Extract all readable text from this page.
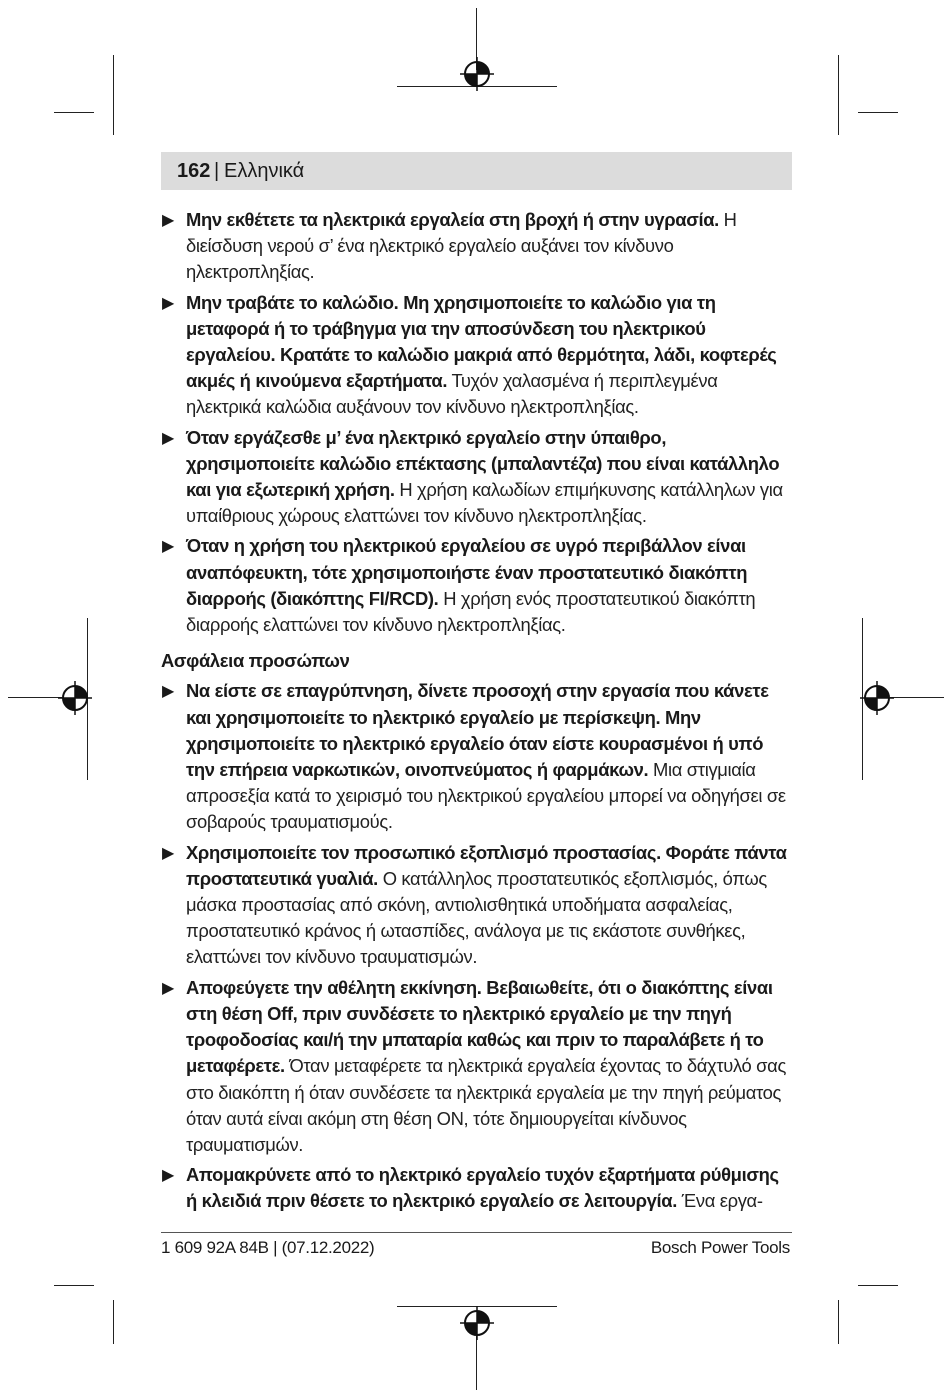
162 | Ελληνικά
▶ Μην εκθέτετε τα ηλεκτρικά εργαλεία στη βροχή ή στην υγρασία. Η διείσδυση νερού σ’ ένα ηλεκτρικό εργαλείο αυξάνει τον κίνδυνο ηλεκτροπληξίας.
▶ Μην τραβάτε το καλώδιο. Μη χρησιμοποιείτε το καλώδιο για τη μεταφορά ή το τράβηγμα για την αποσύνδεση του ηλεκτρικού εργαλείου. Κρατάτε το καλώδιο μακριά από θερμότητα, λάδι, κοφτερές ακμές ή κινούμενα εξαρτήματα. Τυχόν χαλασμένα ή περιπλεγμένα ηλεκτρικά καλώδια αυξάνουν τον κίνδυνο ηλεκτροπληξίας.
▶ Όταν εργάζεσθε μ’ ένα ηλεκτρικό εργαλείο στην ύπαιθρο, χρησιμοποιείτε καλώδιο επέκτασης (μπαλαντέζα) που είναι κατάλληλο και για εξωτερική χρήση. Η χρήση καλωδίων επιμήκυνσης κατάλληλων για υπαίθριους χώρους ελαττώνει τον κίνδυνο ηλεκτροπληξίας.
▶ Όταν η χρήση του ηλεκτρικού εργαλείου σε υγρό περιβάλλον είναι αναπόφευκτη, τότε χρησιμοποιήστε έναν προστατευτικό διακόπτη διαρροής (διακόπτης FI/RCD). Η χρήση ενός προστατευτικού διακόπτη διαρροής ελαττώνει τον κίνδυνο ηλεκτροπληξίας.
Ασφάλεια προσώπων
▶ Να είστε σε επαγρύπνηση, δίνετε προσοχή στην εργασία που κάνετε και χρησιμοποιείτε το ηλεκτρικό εργαλείο με περίσκεψη. Μην χρησιμοποιείτε το ηλεκτρικό εργαλείο όταν είστε κουρασμένοι ή υπό την επήρεια ναρκωτικών, οινοπνεύματος ή φαρμάκων. Μια στιγμιαία απροσεξία κατά το χειρισμό του ηλεκτρικού εργαλείου μπορεί να οδηγήσει σε σοβαρούς τραυματισμούς.
▶ Χρησιμοποιείτε τον προσωπικό εξοπλισμό προστασίας. Φοράτε πάντα προστατευτικά γυαλιά. Ο κατάλληλος προστατευτικός εξοπλισμός, όπως μάσκα προστασίας από σκόνη, αντιολισθητικά υποδήματα ασφαλείας, προστατευτικό κράνος ή ωτασπίδες, ανάλογα με τις εκάστοτε συνθήκες, ελαττώνει τον κίνδυνο τραυματισμών.
▶ Αποφεύγετε την αθέλητη εκκίνηση. Βεβαιωθείτε, ότι ο διακόπτης είναι στη θέση Off, πριν συνδέσετε το ηλεκτρικό εργαλείο με την πηγή τροφοδοσίας και/ή την μπαταρία καθώς και πριν το παραλάβετε ή το μεταφέρετε. Όταν μεταφέρετε τα ηλεκτρικά εργαλεία έχοντας το δάχτυλό σας στο διακόπτη ή όταν συνδέσετε τα ηλεκτρικά εργαλεία με την πηγή ρεύματος όταν αυτά είναι ακόμη στη θέση ON, τότε δημιουργείται κίνδυνος τραυματισμών.
▶ Απομακρύνετε από το ηλεκτρικό εργαλείο τυχόν εξαρτήματα ρύθμισης ή κλειδιά πριν θέσετε το ηλεκτρικό εργαλείο σε λειτουργία. Ένα εργα-
1 609 92A 84B | (07.12.2022)	Bosch Power Tools
